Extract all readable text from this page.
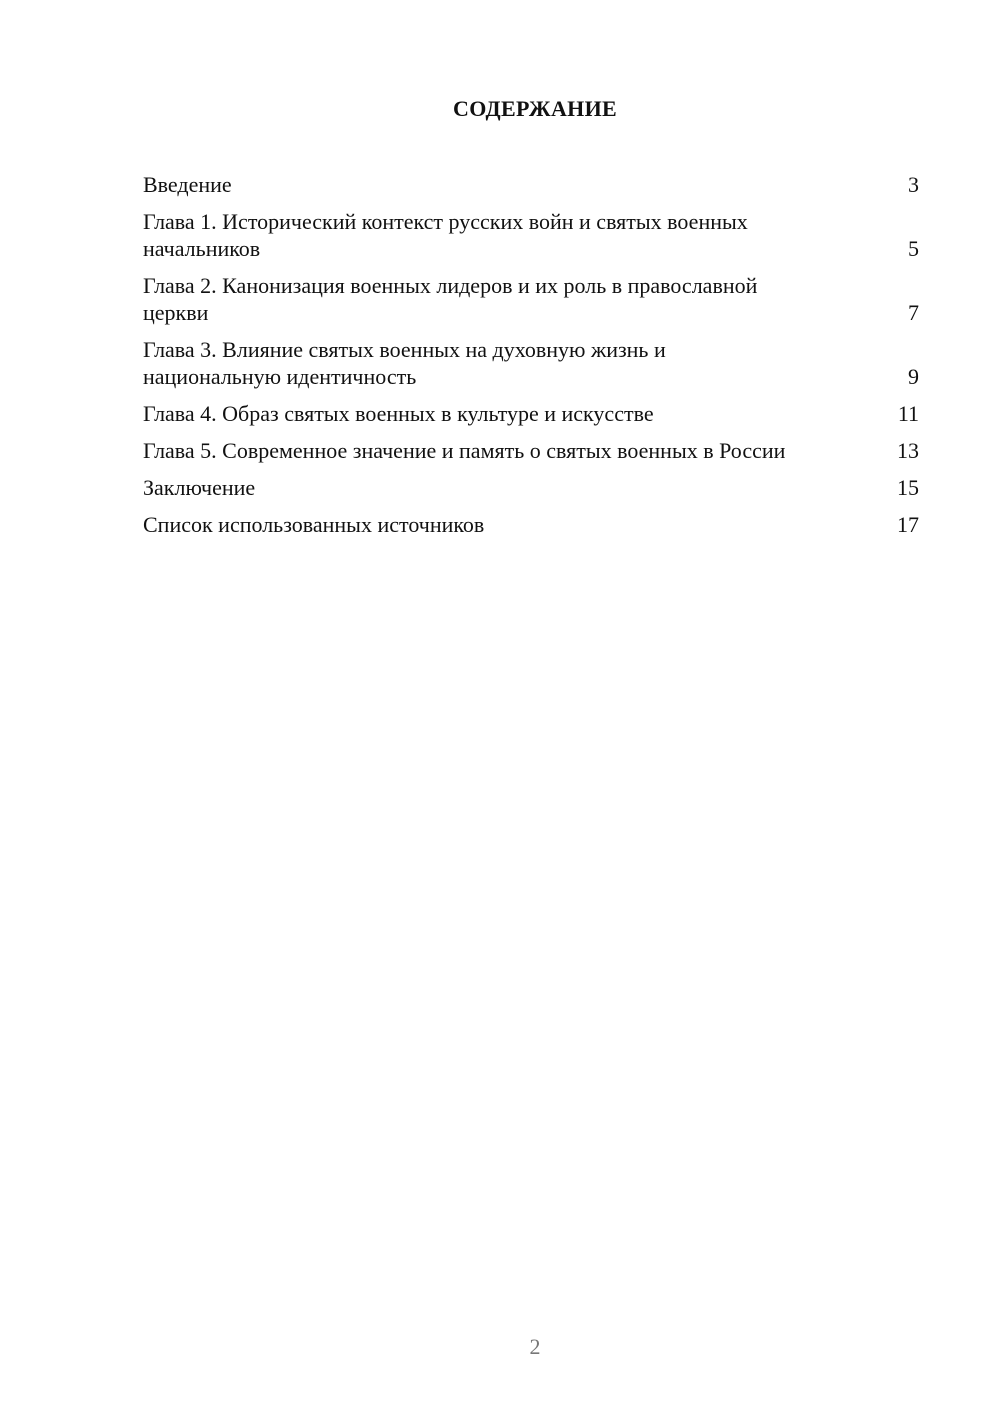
СОДЕРЖАНИЕ
Введение	3
Глава 1. Исторический контекст русских войн и святых военных начальников	5
Глава 2. Канонизация военных лидеров и их роль в православной церкви	7
Глава 3. Влияние святых военных на духовную жизнь и национальную идентичность	9
Глава 4. Образ святых военных в культуре и искусстве	11
Глава 5. Современное значение и память о святых военных в России	13
Заключение	15
Список использованных источников	17
2
